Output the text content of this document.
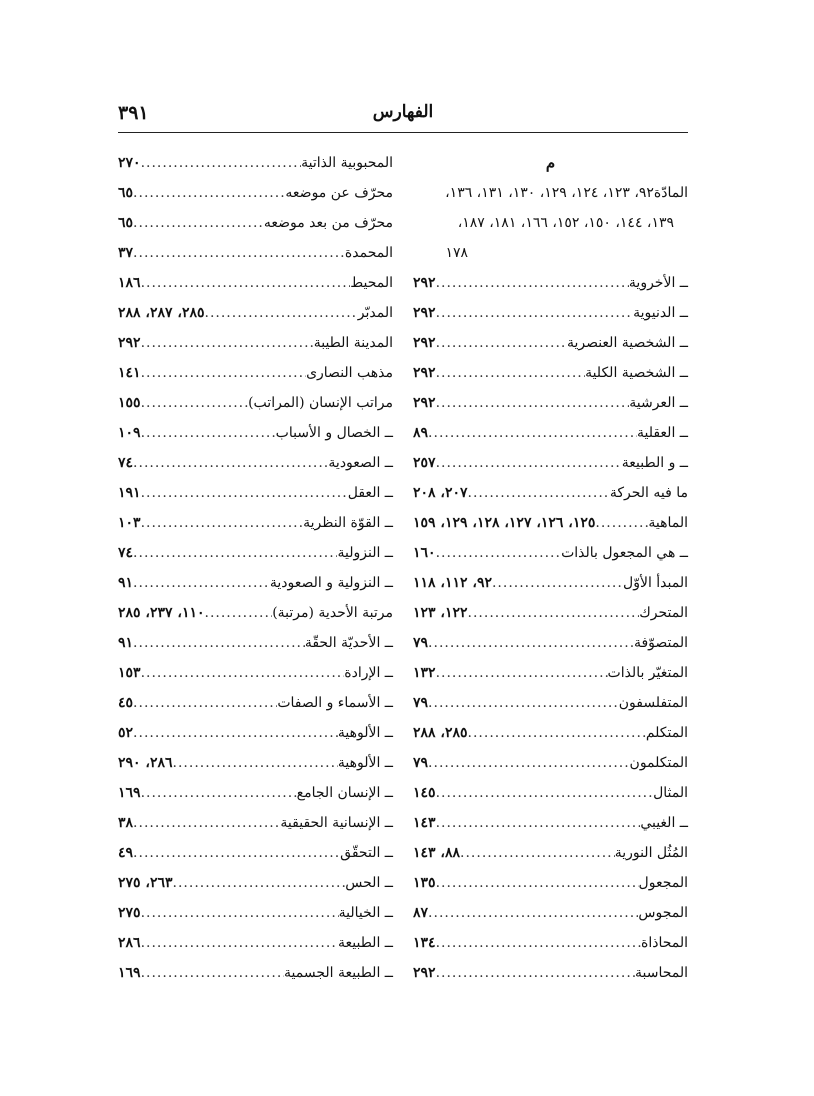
٣٩١	الفهارس
م
المادّة٩٢، ١٢٣، ١٢٤، ١٢٩، ١٣٠، ١٣١، ١٣٦،
١٣٩، ١٤٤، ١٥٠، ١٥٢، ١٦٦، ١٨١، ١٨٧،
١٧٨
ــ الأخروية
.....
٢٩٢
ــ الدنيوية
.....
٢٩٢
ــ الشخصية العنصرية
.....
٢٩٢
ــ الشخصية الكلية
.....
٢٩٢
ــ العرشية
.....
٢٩٢
ــ العقلية
.....
٨٩
ــ و الطبيعة
.....
٢٥٧
ما فيه الحركة
.....
٢٠٧، ٢٠٨
الماهية
.....
١٢٥، ١٢٦، ١٢٧، ١٢٨، ١٢٩، ١٥٩
ــ هي المجعول بالذات
.....
١٦٠
المبدأ الأوّل
.....
٩٢، ١١٢، ١١٨
المتحرك
.....
١٢٢، ١٢٣
المتصوّفة
.....
٧٩
المتغيّر بالذات
.....
١٣٢
المتفلسفون
.....
٧٩
المتكلم
.....
٢٨٥، ٢٨٨
المتكلمون
.....
٧٩
المثال
.....
١٤٥
ــ الغيبي
.....
١٤٣
المُثُل النورية
.....
٨٨، ١٤٣
المجعول
.....
١٣٥
المجوس
.....
٨٧
المحاذاة
.....
١٣٤
المحاسبة
.....
٢٩٢
المحبوبية الذاتية
.....
٢٧٠
محرّف عن موضعه
.....
٦٥
محرّف من بعد موضعه
.....
٦٥
المحمدة
.....
٣٧
المحيط
.....
١٨٦
المدبّر
.....
٢٨٥، ٢٨٧، ٢٨٨
المدينة الطيبة
.....
٢٩٢
مذهب النصارى
.....
١٤١
مراتب الإنسان (المراتب)
.....
١٥٥
ــ الخصال و الأسباب
.....
١٠٩
ــ الصعودية
.....
٧٤
ــ العقل
.....
١٩١
ــ القوّة النظرية
.....
١٠٣
ــ النزولية
.....
٧٤
ــ النزولية و الصعودية
.....
٩١
مرتبة الأحدية (مرتبة)
.....
١١٠، ٢٣٧، ٢٨٥
ــ الأحديّة الحقّة
.....
٩١
ــ الإرادة
.....
١٥٣
ــ الأسماء و الصفات
.....
٤٥
ــ الألوهية
.....
٥٢
ــ الألوهية
.....
٢٨٦، ٢٩٠
ــ الإنسان الجامع
.....
١٦٩
ــ الإنسانية الحقيقية
.....
٣٨
ــ التحقّق
.....
٤٩
ــ الحس
.....
٢٦٣، ٢٧٥
ــ الخيالية
.....
٢٧٥
ــ الطبيعة
.....
٢٨٦
ــ الطبيعة الجسمية
.....
١٦٩
